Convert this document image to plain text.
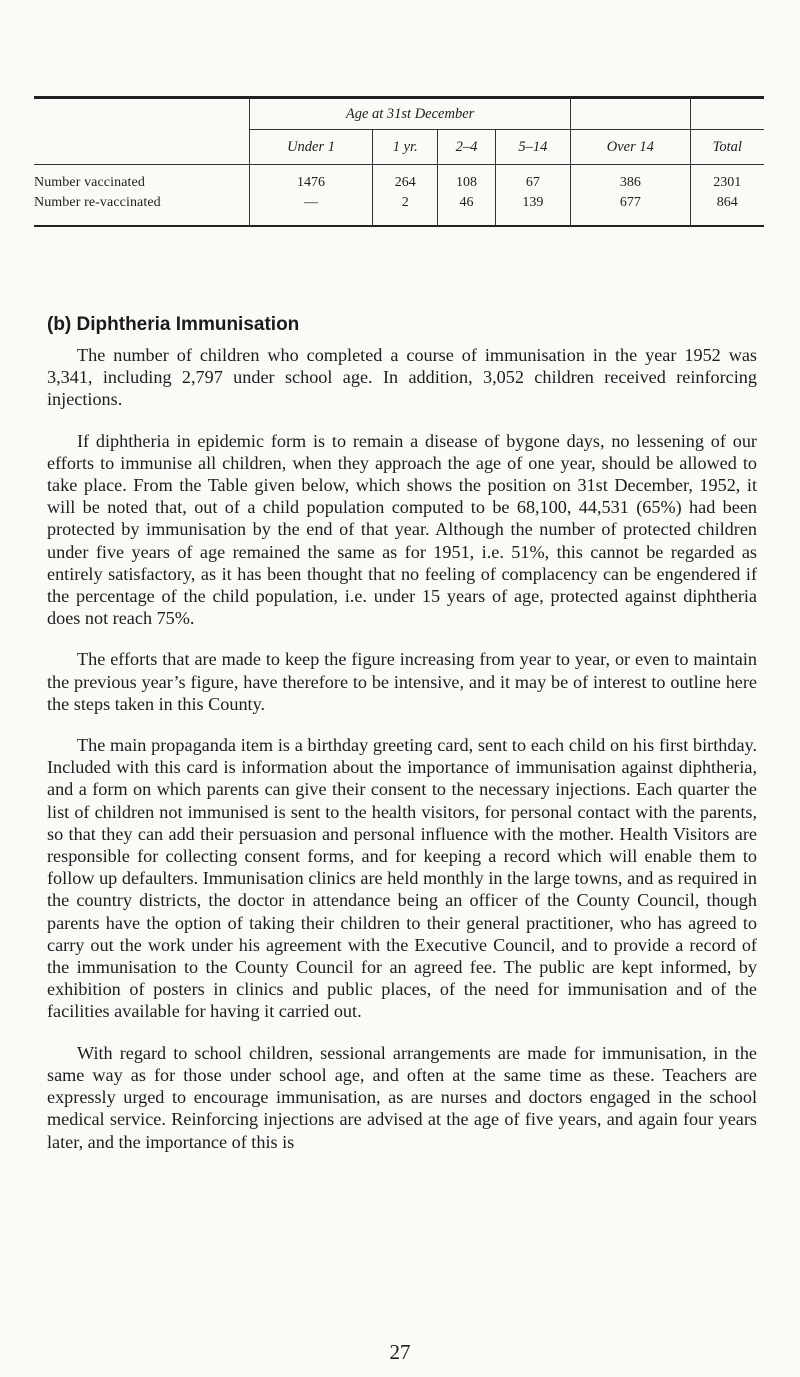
	Age at 31st December					
	Under 1	1 yr.	2–4	5–14	Over 14	Total
Number vaccinated	1476	264	108	67	386	2301
Number re-vaccinated	—	2	46	139	677	864
(b) Diphtheria Immunisation

The number of children who completed a course of immunisation in the year 1952 was 3,341, including 2,797 under school age. In addition, 3,052 children received reinforcing injections.

If diphtheria in epidemic form is to remain a disease of bygone days, no lessening of our efforts to immunise all children, when they approach the age of one year, should be allowed to take place. From the Table given below, which shows the position on 31st December, 1952, it will be noted that, out of a child population computed to be 68,100, 44,531 (65%) had been protected by immunisation by the end of that year. Although the number of protected children under five years of age remained the same as for 1951, i.e. 51%, this cannot be regarded as entirely satisfactory, as it has been thought that no feeling of complacency can be engendered if the percentage of the child population, i.e. under 15 years of age, protected against diphtheria does not reach 75%.

The efforts that are made to keep the figure increasing from year to year, or even to maintain the previous year’s figure, have therefore to be intensive, and it may be of interest to outline here the steps taken in this County.

The main propaganda item is a birthday greeting card, sent to each child on his first birthday. Included with this card is information about the importance of immunisation against diphtheria, and a form on which parents can give their consent to the necessary injections. Each quarter the list of children not immunised is sent to the health visitors, for personal contact with the parents, so that they can add their persuasion and personal influence with the mother. Health Visitors are responsible for collecting consent forms, and for keeping a record which will enable them to follow up defaulters. Immunisation clinics are held monthly in the large towns, and as required in the country districts, the doctor in attendance being an officer of the County Council, though parents have the option of taking their children to their general practitioner, who has agreed to carry out the work under his agreement with the Executive Council, and to provide a record of the immunisation to the County Council for an agreed fee. The public are kept informed, by exhibition of posters in clinics and public places, of the need for immunisation and of the facilities available for having it carried out.

With regard to school children, sessional arrangements are made for immunisation, in the same way as for those under school age, and often at the same time as these. Teachers are expressly urged to encourage immunisation, as are nurses and doctors engaged in the school medical service. Reinforcing injections are advised at the age of five years, and again four years later, and the importance of this is

27
